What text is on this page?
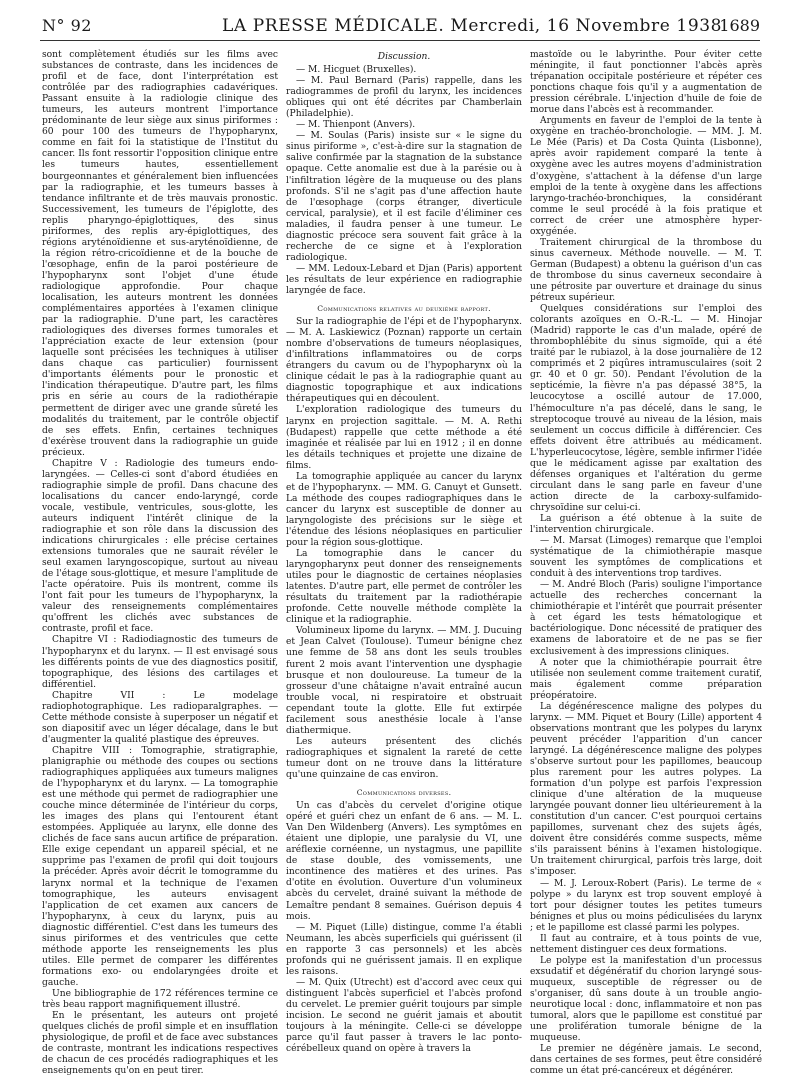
N° 92	LA PRESSE MÉDICALE. Mercredi, 16 Novembre 1938
1689

sont complètement étudiés sur les films avec substances de contraste, dans les incidences de profil et de face, dont l'interprétation est contrôlée par des radiographies cadavériques. Passant ensuite à la radiologie clinique des tumeurs, les auteurs montrent l'importance prédominante de leur siège aux sinus piriformes : 60 pour 100 des tumeurs de l'hypopharynx, comme en fait foi la statistique de l'Institut du cancer. Ils font ressortir l'opposition clinique entre les tumeurs hautes, essentiellement bourgeonnantes et généralement bien influencées par la radiographie, et les tumeurs basses à tendance infiltrante et de très mauvais pronostic. Successivement, les tumeurs de l'épiglotte, des replis pharyngo-épiglottiques, des sinus piriformes, des replis ary-épiglottiques, des régions aryténoïdienne et sus-aryténoïdienne, de la région rétro-cricoïdienne et de la bouche de l'œsophage, enfin de la paroi postérieure de l'hypopharynx sont l'objet d'une étude radiologique approfondie. Pour chaque localisation, les auteurs montrent les données complémentaires apportées à l'examen clinique par la radiographie. D'une part, les caractères radiologiques des diverses formes tumorales et l'appréciation exacte de leur extension (pour laquelle sont précisées les techniques à utiliser dans chaque cas particulier) fournissent d'importants éléments pour le pronostic et l'indication thérapeutique. D'autre part, les films pris en série au cours de la radiothérapie permettent de diriger avec une grande sûreté les modalités du traitement, par le contrôle objectif de ses effets. Enfin, certaines techniques d'exérèse trouvent dans la radiographie un guide précieux.

Chapitre V : Radiologie des tumeurs endo-laryngées. — Celles-ci sont d'abord étudiées en radiographie simple de profil. Dans chacune des localisations du cancer endo-laryngé, corde vocale, vestibule, ventricules, sous-glotte, les auteurs indiquent l'intérêt clinique de la radiographie et son rôle dans la discussion des indications chirurgicales : elle précise certaines extensions tumorales que ne saurait révéler le seul examen laryngoscopique, surtout au niveau de l'étage sous-glottique, et mesure l'amplitude de l'acte opératoire. Puis ils montrent, comme ils l'ont fait pour les tumeurs de l'hypopharynx, la valeur des renseignements complémentaires qu'offrent les clichés avec substances de contraste, profil et face.

Chapitre VI : Radiodiagnostic des tumeurs de l'hypopharynx et du larynx. — Il est envisagé sous les différents points de vue des diagnostics positif, topographique, des lésions des cartilages et différentiel.

Chapitre VII : Le modelage radiophotographique. Les radioparalgraphes. — Cette méthode consiste à superposer un négatif et son diapositif avec un léger décalage, dans le but d'augmenter la qualité plastique des épreuves.

Chapitre VIII : Tomographie, stratigraphie, planigraphie ou méthode des coupes ou sections radiographiques appliquées aux tumeurs malignes de l'hypopharynx et du larynx. — La tomographie est une méthode qui permet de radiographier une couche mince déterminée de l'intérieur du corps, les images des plans qui l'entourent étant estompées. Appliquée au larynx, elle donne des clichés de face sans aucun artifice de préparation. Elle exige cependant un appareil spécial, et ne supprime pas l'examen de profil qui doit toujours la précéder. Après avoir décrit le tomogramme du larynx normal et la technique de l'examen tomographique, les auteurs envisagent l'application de cet examen aux cancers de l'hypopharynx, à ceux du larynx, puis au diagnostic différentiel. C'est dans les tumeurs des sinus piriformes et des ventricules que cette méthode apporte les renseignements les plus utiles. Elle permet de comparer les différentes formations exo- ou endolaryngées droite et gauche.

Une bibliographie de 172 références termine ce très beau rapport magnifiquement illustré.

En le présentant, les auteurs ont projeté quelques clichés de profil simple et en insufflation physiologique, de profil et de face avec substances de contraste, montrant les indications respectives de chacun de ces procédés radiographiques et les enseignements qu'on en peut tirer.

Discussion.

— M. Hicguet (Bruxelles).

— M. Paul Bernard (Paris) rappelle, dans les radiogrammes de profil du larynx, les incidences obliques qui ont été décrites par Chamberlain (Philadelphie).

— M. Thienpont (Anvers).

— M. Soulas (Paris) insiste sur « le signe du sinus piriforme », c'est-à-dire sur la stagnation de salive confirmée par la stagnation de la substance opaque. Cette anomalie est due à la parésie ou à l'infiltration légère de la muqueuse ou des plans profonds. S'il ne s'agit pas d'une affection haute de l'œsophage (corps étranger, diverticule cervical, paralysie), et il est facile d'éliminer ces maladies, il faudra penser à une tumeur. Le diagnostic précoce sera souvent fait grâce à la recherche de ce signe et à l'exploration radiologique.

— MM. Ledoux-Lebard et Djan (Paris) apportent les résultats de leur expérience en radiographie laryngée de face.

Communications relatives au deuxième rapport.

Sur la radiographie de l'épi et de l'hypopharynx. — M. A. Laskiewicz (Poznan) rapporte un certain nombre d'observations de tumeurs néoplasiques, d'infiltrations inflammatoires ou de corps étrangers du cavum ou de l'hypopharynx où la clinique cédait le pas à la radiographie quant au diagnostic topographique et aux indications thérapeutiques qui en découlent.

L'exploration radiologique des tumeurs du larynx en projection sagittale. — M. A. Rethi (Budapest) rappelle que cette méthode a été imaginée et réalisée par lui en 1912 ; il en donne les détails techniques et projette une dizaine de films.

La tomographie appliquée au cancer du larynx et de l'hypopharynx. — MM. G. Canuyt et Gunsett. La méthode des coupes radiographiques dans le cancer du larynx est susceptible de donner au laryngologiste des précisions sur le siège et l'étendue des lésions néoplasiques en particulier pour la région sous-glottique.

La tomographie dans le cancer du laryngopharynx peut donner des renseignements utiles pour le diagnostic de certaines néoplasies latentes. D'autre part, elle permet de contrôler les résultats du traitement par la radiothérapie profonde. Cette nouvelle méthode complète la clinique et la radiographie.

Volumineux lipome du larynx. — MM. J. Ducuing et Jean Calvet (Toulouse). Tumeur bénigne chez une femme de 58 ans dont les seuls troubles furent 2 mois avant l'intervention une dysphagie brusque et non douloureuse. La tumeur de la grosseur d'une châtaigne n'avait entraîné aucun trouble vocal, ni respiratoire et obstruait cependant toute la glotte. Elle fut extirpée facilement sous anesthésie locale à l'anse diathermique.

Les auteurs présentent des clichés radiographiques et signalent la rareté de cette tumeur dont on ne trouve dans la littérature qu'une quinzaine de cas environ.

Communications diverses.

Un cas d'abcès du cervelet d'origine otique opéré et guéri chez un enfant de 6 ans. — M. L. Van Den Wildenberg (Anvers). Les symptômes en étaient une diplopie, une paralysie du VI, une aréflexie cornéenne, un nystagmus, une papillite de stase double, des vomissements, une incontinence des matières et des urines. Pas d'otite en évolution. Ouverture d'un volumineux abcès du cervelet, drainé suivant la méthode de Lemaître pendant 8 semaines. Guérison depuis 4 mois.

— M. Piquet (Lille) distingue, comme l'a établi Neumann, les abcès superficiels qui guérissent (il en rapporte 3 cas personnels) et les abcès profonds qui ne guérissent jamais. Il en explique les raisons.

— M. Quix (Utrecht) est d'accord avec ceux qui distinguent l'abcès superficiel et l'abcès profond du cervelet. Le premier guérit toujours par simple incision. Le second ne guérit jamais et aboutit toujours à la méningite. Celle-ci se développe parce qu'il faut passer à travers le lac ponto-cérébelleux quand on opère à travers la

mastoïde ou le labyrinthe. Pour éviter cette méningite, il faut ponctionner l'abcès après trépanation occipitale postérieure et répéter ces ponctions chaque fois qu'il y a augmentation de pression cérébrale. L'injection d'huile de foie de morue dans l'abcès est à recommander.

Arguments en faveur de l'emploi de la tente à oxygène en trachéo-bronchologie. — MM. J. M. Le Mée (Paris) et Da Costa Quinta (Lisbonne), après avoir rapidement comparé la tente à oxygène avec les autres moyens d'administration d'oxygène, s'attachent à la défense d'un large emploi de la tente à oxygène dans les affections laryngo-trachéo-bronchiques, la considérant comme le seul procédé à la fois pratique et correct de créer une atmosphère hyper-oxygénée.

Traitement chirurgical de la thrombose du sinus caverneux. Méthode nouvelle. — M. T. German (Budapest) a obtenu la guérison d'un cas de thrombose du sinus caverneux secondaire à une pétrosite par ouverture et drainage du sinus pétreux supérieur.

Quelques considérations sur l'emploi des colorants azoïques en O.-R.-L. — M. Hinojar (Madrid) rapporte le cas d'un malade, opéré de thrombophlébite du sinus sigmoïde, qui a été traité par le rubiazol, à la dose journalière de 12 comprimés et 2 piqûres intramusculaires (soit 2 gr. 40 et 0 gr. 50). Pendant l'évolution de la septicémie, la fièvre n'a pas dépassé 38°5, la leucocytose a oscillé autour de 17.000, l'hémoculture n'a pas décelé, dans le sang, le streptocoque trouvé au niveau de la lésion, mais seulement un coccus difficile à différencier. Ces effets doivent être attribués au médicament. L'hyperleucocytose, légère, semble infirmer l'idée que le médicament agisse par exaltation des défenses organiques et l'altération du germe circulant dans le sang parle en faveur d'une action directe de la carboxy-sulfamido-chrysoïdine sur celui-ci.

La guérison a été obtenue à la suite de l'intervention chirurgicale.

— M. Marsat (Limoges) remarque que l'emploi systématique de la chimiothérapie masque souvent les symptômes de complications et conduit à des interventions trop tardives.

— M. André Bloch (Paris) souligne l'importance actuelle des recherches concernant la chimiothérapie et l'intérêt que pourrait présenter à cet égard les tests hématologique et bactériologique. Donc nécessité de pratiquer des examens de laboratoire et de ne pas se fier exclusivement à des impressions cliniques.

A noter que la chimiothérapie pourrait être utilisée non seulement comme traitement curatif, mais également comme préparation préopératoire.

La dégénérescence maligne des polypes du larynx. — MM. Piquet et Boury (Lille) apportent 4 observations montrant que les polypes du larynx peuvent précéder l'apparition d'un cancer laryngé. La dégénérescence maligne des polypes s'observe surtout pour les papillomes, beaucoup plus rarement pour les autres polypes. La formation d'un polype est parfois l'expression clinique d'une altération de la muqueuse laryngée pouvant donner lieu ultérieurement à la constitution d'un cancer. C'est pourquoi certains papillomes, survenant chez des sujets âgés, doivent être considérés comme suspects, même s'ils paraissent bénins à l'examen histologique. Un traitement chirurgical, parfois très large, doit s'imposer.

— M. J. Leroux-Robert (Paris). Le terme de « polype » du larynx est trop souvent employé à tort pour désigner toutes les petites tumeurs bénignes et plus ou moins pédiculisées du larynx ; et le papillome est classé parmi les polypes.

Il faut au contraire, et à tous points de vue, nettement distinguer ces deux formations.

Le polype est la manifestation d'un processus exsudatif et dégénératif du chorion laryngé sous-muqueux, susceptible de régresser ou de s'organiser, dû sans doute à un trouble angio-neurotique local : donc, inflammatoire et non pas tumoral, alors que le papillome est constitué par une prolifération tumorale bénigne de la muqueuse.

Le premier ne dégénère jamais. Le second, dans certaines de ses formes, peut être considéré comme un état pré-cancéreux et dégénérer.
